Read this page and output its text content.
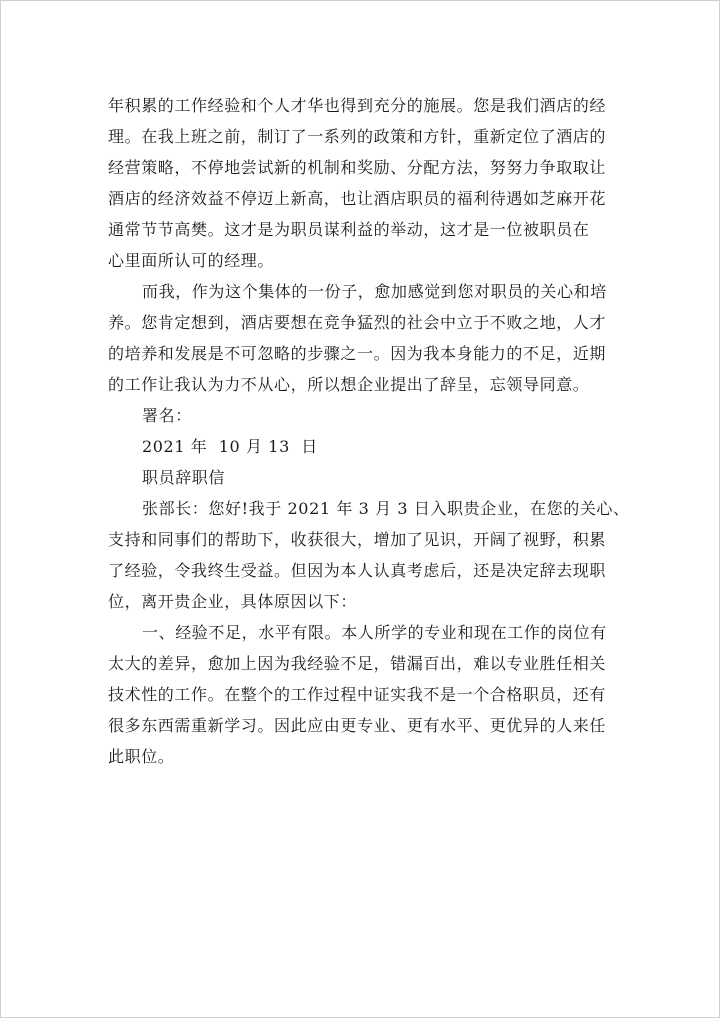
年积累的工作经验和个人才华也得到充分的施展。您是我们酒店的经
理。在我上班之前，制订了一系列的政策和方针，重新定位了酒店的
经营策略，不停地尝试新的机制和奖励、分配方法，努努力争取取让
酒店的经济效益不停迈上新高，也让酒店职员的福利待遇如芝麻开花
通常节节高樊。这才是为职员谋利益的举动，这才是一位被职员在
心里面所认可的经理。

而我，作为这个集体的一份子，愈加感觉到您对职员的关心和培
养。您肯定想到，酒店要想在竞争猛烈的社会中立于不败之地，人才
的培养和发展是不可忽略的步骤之一。因为我本身能力的不足，近期
的工作让我认为力不从心，所以想企业提出了辞呈，忘领导同意。

署名：

2021 年  10 月 13  日

职员辞职信

张部长：您好!我于 2021 年 3 月 3 日入职贵企业，在您的关心、
支持和同事们的帮助下，收获很大，增加了见识，开阔了视野，积累
了经验，令我终生受益。但因为本人认真考虑后，还是决定辞去现职
位，离开贵企业，具体原因以下：

一、经验不足，水平有限。本人所学的专业和现在工作的岗位有
太大的差异，愈加上因为我经验不足，错漏百出，难以专业胜任相关
技术性的工作。在整个的工作过程中证实我不是一个合格职员，还有
很多东西需重新学习。因此应由更专业、更有水平、更优异的人来任
此职位。
